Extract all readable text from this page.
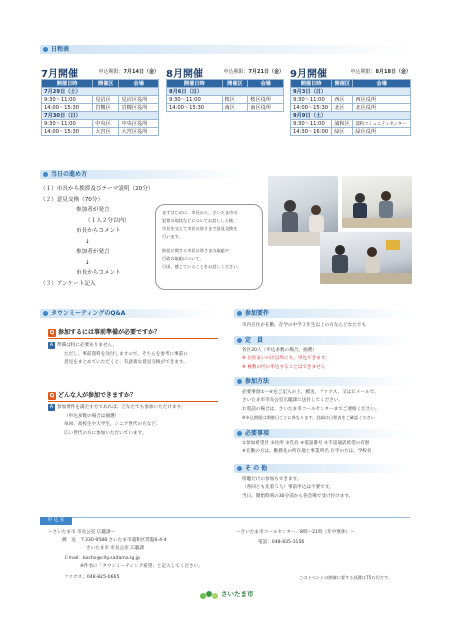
日程表
7月開催	申込期限：7月14日（金）
開催日時	開催区	会場
7月29日（土）		
9:30～11:00	見沼区	見沼区役所
14:00～15:30	岩槻区	岩槻区役所
7月30日（日）		
9:30～11:00	中央区	中央区役所
14:00～15:30	大宮区	大宮区役所
8月開催	申込期限：7月21日（金）
開催日時	開催区	会場
8月6日（日）		
9:30～11:00	桜区	桜区役所
14:00～15:30	南区	南区役所
9月開催	申込期限：8月18日（金）
開催日時	開催区	会場
9月3日（日）		
9:30～11:00	西区	西区役所
14:00～15:30	北区	北区役所
9月9日（土）		
9:30～11:00	浦和区	浦和コミュニティセンター
14:30～16:00	緑区	緑区役所
当日の進め方
（１）市長から挨拶及びテーマ説明（20分）
（２）意見交換（70分）
参加者が発言
（１人２分以内）
市長からコメント
↓
参加者が発言
↓
市長からコメント
（３）アンケート記入
まずはじめに、市長から、さいたま市の
犯罪の現状などについてお話しした後、
市長を交えて市民の皆さまで意見交換を
行います。
防犯に関する市民の皆さまの取組や
行政の取組について、
日頃、感じていることをお話しください。
タウンミーティングのQ&A
Q 参加するには事前準備が必要ですか？
A 準備は特に必要ありません。
ただし、事前資料を送付しますので、そちらを参考に事前に
意見をまとめていただくと、有意義な意見交換ができます。
Q どんな人が参加できますか？
A 参加要件を満たす方であれば、どなたでも参加いただけます。
（申込多数の場合は抽選）
毎回、高校生や大学生、シニア世代の方など、
広い世代の方に参加いただいています。
参加要件
市内在住か在勤、在学の中学３年生以上の方ならどなたでも
定　員
各区20人（申込多数の場合、抽選）
※ お住まいの区以外にも、申込できます。
※ 複数の区に申込することはできません
参加方法
必要事項①～⑥をご記入の上、郵送、ファクス、又はＥメールで、
さいたま市市長公室広聴課に送付してください。
お電話の場合は、さいたま市コールセンターまでご連絡ください。
※申込期限は開催日ごとに異なります。詳細は日程表をご確認ください
必要事項
①参加希望区 ②住所 ③氏名 ④電話番号 ⑤手話通訳希望の有無
⑥在勤の方は、勤務先の所在地と事業所名 在学の方は、学校名
そ の 他
傍聴だけの参加もできます。
（各回とも先着５人）事前申込は不要です。
当日、開始時刻の30分前から各会場で受け付けます。
申 込 先
～さいたま市 市長公室 広聴課～
郵　送　 〒330-9588 さいたま市浦和区常盤6-4-4
さいたま市 市長公室 広聴課
Ｅmail：kocho@city.saitama.lg.jp
※件名に「タウンミーティング希望」と記入してください。
ファクス：048-825-0665
～さいたま市コールセンター／8時～21時（年中無休）～
電話：048-835-3156
このイベントの開催に要する経費は75万円です。
さいたま市
